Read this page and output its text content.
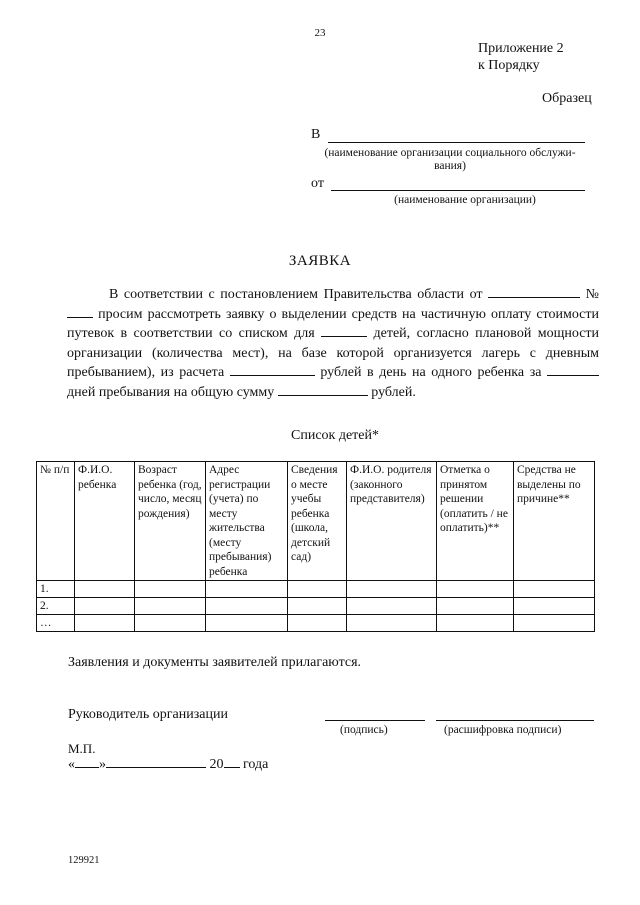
23
Приложение 2
к Порядку
Образец
В
(наименование организации социального обслужи-
вания)
от
(наименование организации)
ЗАЯВКА
В соответствии с постановлением Правительства области от	№ просим рассмотреть заявку о выделении средств на частичную оплату стоимости путевок в соответствии со списком для	детей, согласно плановой мощности организации (количества мест), на базе которой организуется лагерь с дневным пребыванием), из расчета	рублей в день на одного ребенка за  дней пребывания на общую сумму	рублей.
Список детей*
№ п/п	Ф.И.О. ребенка	Возраст ребенка (год, число, месяц рождения)	Адрес регистрации (учета) по месту жительства (месту пребывания) ребенка	Сведения о месте учебы ребенка (школа, детский сад)	Ф.И.О. родителя (законного представителя)	Отметка о принятом решении (оплатить / не оплатить)**	Средства не выделены по причине**
1.							
2.							
…							
Заявления и документы заявителей прилагаются.
Руководитель организации
(подпись)	(расшифровка подписи)
М.П.
« »	20 года
129921
